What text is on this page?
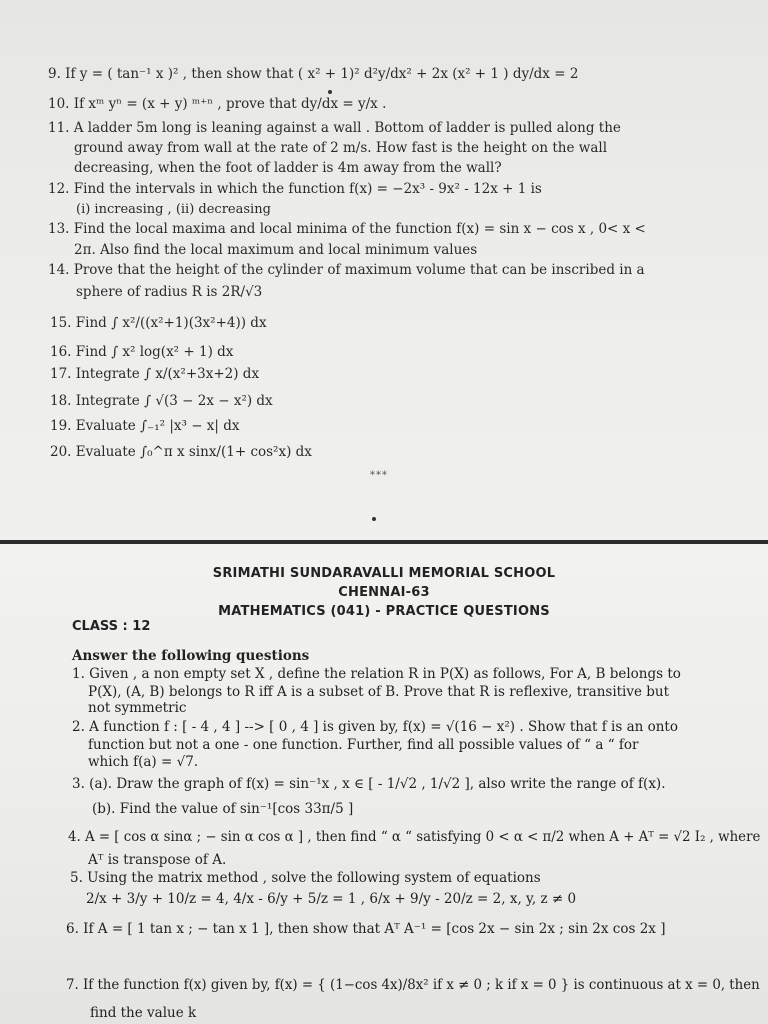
9. If y = ( tan⁻¹ x )² , then show that ( x² + 1)² d²y/dx² + 2x (x² + 1 ) dy/dx = 2
10. If xᵐ yⁿ = (x + y) ᵐ⁺ⁿ , prove that dy/dx = y/x .
11. A ladder 5m long is leaning against a wall . Bottom of ladder is pulled along the
ground away from wall at the rate of 2 m/s. How fast is the height on the wall
decreasing, when the foot of ladder is 4m away from the wall?
12. Find the intervals in which the function f(x) = −2x³ - 9x² - 12x + 1 is
(i) increasing , (ii) decreasing
13. Find the local maxima and local minima of the function f(x) = sin x − cos x , 0< x <
2π. Also find the local maximum and local minimum values
14. Prove that the height of the cylinder of maximum volume that can be inscribed in a
sphere of radius R is 2R/√3
15. Find ∫ x²/((x²+1)(3x²+4)) dx
16. Find ∫ x² log(x² + 1) dx
17. Integrate ∫ x/(x²+3x+2) dx
18. Integrate ∫ √(3 − 2x − x²) dx
19. Evaluate ∫₋₁² |x³ − x| dx
20. Evaluate ∫₀^π x sinx/(1+ cos²x) dx
***
SRIMATHI SUNDARAVALLI MEMORIAL SCHOOL
CHENNAI-63
MATHEMATICS (041) - PRACTICE QUESTIONS
CLASS : 12
Answer the following questions
1. Given , a non empty set X , define the relation R in P(X) as follows, For A, B belongs to
P(X), (A, B) belongs to R iff A is a subset of B. Prove that R is reflexive, transitive but
not symmetric
2. A function f : [ - 4 , 4 ] --> [ 0 , 4 ] is given by, f(x) = √(16 − x²) . Show that f is an onto
function but not a one - one function. Further, find all possible values of “ a “ for
which f(a) = √7.
3. (a). Draw the graph of f(x) = sin⁻¹x , x ∈ [ - 1/√2 , 1/√2 ], also write the range of f(x).
(b). Find the value of sin⁻¹[cos 33π/5 ]
4. A = [ cos α sinα ; − sin α cos α ] , then find “ α “ satisfying 0 < α < π/2 when A + Aᵀ = √2 I₂ , where
Aᵀ is transpose of A.
5. Using the matrix method , solve the following system of equations
2/x + 3/y + 10/z = 4, 4/x - 6/y + 5/z = 1 , 6/x + 9/y - 20/z = 2, x, y, z ≠ 0
6. If A = [ 1 tan x ; − tan x 1 ], then show that Aᵀ A⁻¹ = [cos 2x − sin 2x ; sin 2x cos 2x ]
7. If the function f(x) given by, f(x) = { (1−cos 4x)/8x² if x ≠ 0 ; k if x = 0 } is continuous at x = 0, then
find the value k
